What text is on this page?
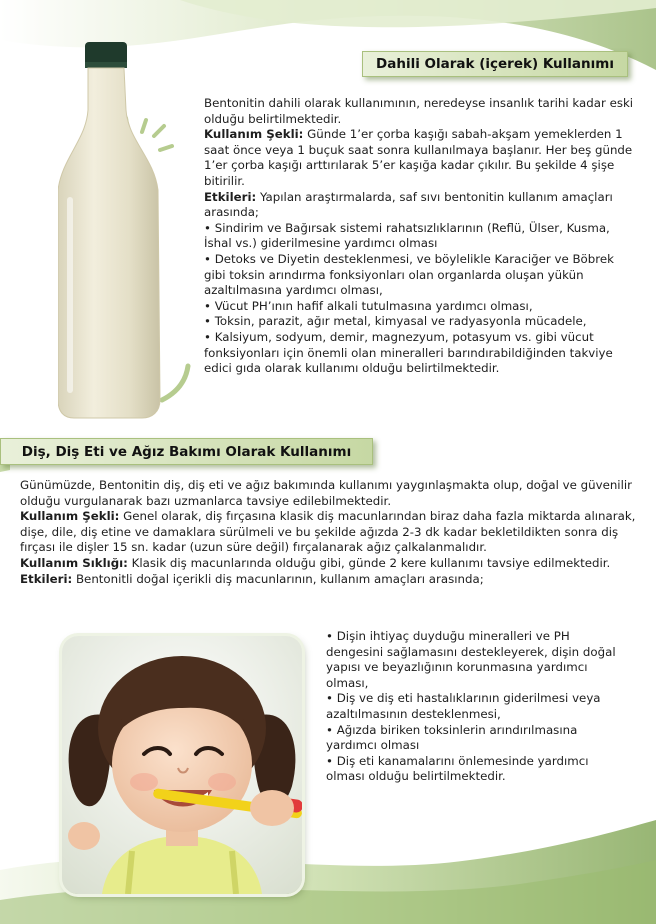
Dahili Olarak (içerek) Kullanımı

Bentonitin dahili olarak kullanımının, neredeyse insanlık tarihi kadar eski olduğu belirtilmektedir.

Kullanım Şekli: Günde 1’er çorba kaşığı sabah-akşam yemeklerden 1 saat önce veya 1 buçuk saat sonra kullanılmaya başlanır. Her beş günde 1’er çorba kaşığı arttırılarak 5’er kaşığa kadar çıkılır. Bu şekilde 4 şişe bitirilir.

Etkileri: Yapılan araştırmalarda, saf sıvı bentonitin kullanım amaçları arasında;

• Sindirim ve Bağırsak sistemi rahatsızlıklarının (Reflü, Ülser, Kusma, İshal vs.) giderilmesine yardımcı olması

• Detoks ve Diyetin desteklenmesi, ve böylelikle Karaciğer ve Böbrek gibi toksin arındırma fonksiyonları olan organlarda oluşan yükün azaltılmasına yardımcı olması,

• Vücut PH’ının hafif alkali tutulmasına yardımcı olması,

• Toksin, parazit, ağır metal, kimyasal ve radyasyonla mücadele,

• Kalsiyum, sodyum, demir, magnezyum, potasyum vs. gibi vücut fonksiyonları için önemli olan mineralleri barındırabildiğinden takviye edici gıda olarak kullanımı olduğu belirtilmektedir.

Diş, Diş Eti ve Ağız Bakımı Olarak Kullanımı

Günümüzde, Bentonitin diş, diş eti ve ağız bakımında kullanımı yaygınlaşmakta olup, doğal ve güvenilir olduğu vurgulanarak bazı uzmanlarca tavsiye edilebilmektedir.

Kullanım Şekli: Genel olarak, diş fırçasına klasik diş macunlarından biraz daha fazla miktarda alınarak, dişe, dile, diş etine ve damaklara sürülmeli ve bu şekilde ağızda 2-3 dk kadar bekletildikten sonra diş fırçası ile dişler 15 sn. kadar (uzun süre değil) fırçalanarak ağız çalkalanmalıdır.

Kullanım Sıklığı: Klasik diş macunlarında olduğu gibi, günde 2 kere kullanımı tavsiye edilmektedir.

Etkileri: Bentonitli doğal içerikli diş macunlarının, kullanım amaçları arasında;

• Dişin ihtiyaç duyduğu mineralleri ve PH dengesini sağlamasını destekleyerek, dişin doğal yapısı ve beyazlığının korunmasına yardımcı olması,

• Diş ve diş eti hastalıklarının giderilmesi veya azaltılmasının desteklenmesi,

• Ağızda biriken toksinlerin arındırılmasına yardımcı olması

• Diş eti kanamalarını önlemesinde yardımcı olması olduğu belirtilmektedir.
